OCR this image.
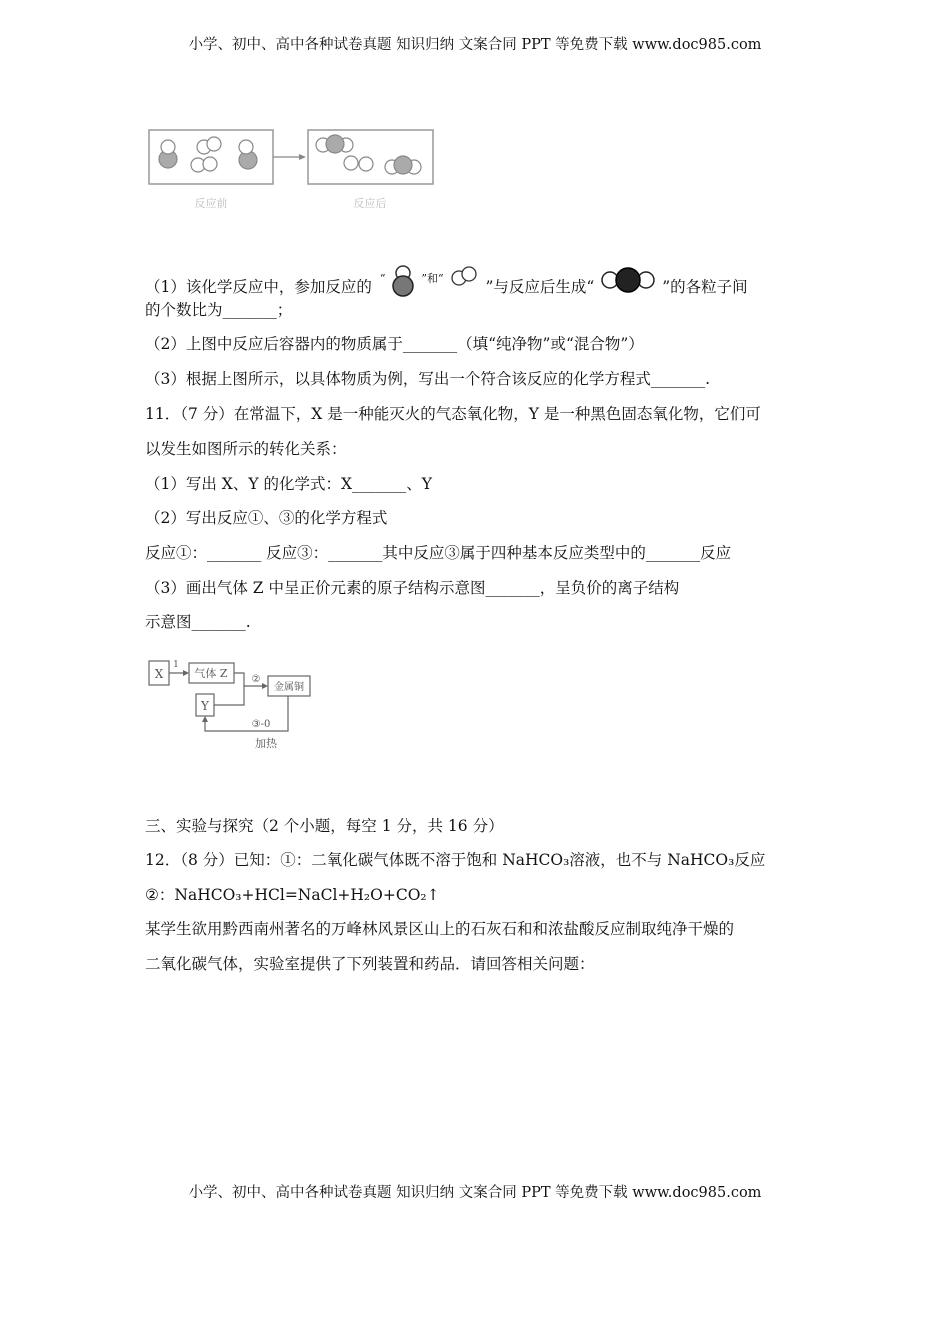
小学、初中、高中各种试卷真题 知识归纳 文案合同 PPT 等免费下载 www.doc985.com
反应前	反应后
（1）该化学反应中，参加反应的 “	$^{”和“}$	”与反应后生成“	”的各粒子间
的个数比为_______；
（2）上图中反应后容器内的物质属于_______（填“纯净物”或“混合物”）
（3）根据上图所示，以具体物质为例，写出一个符合该反应的化学方程式_______.
11．（7 分）在常温下，X 是一种能灭火的气态氧化物，Y 是一种黑色固态氧化物，它们可
以发生如图所示的转化关系：
（1）写出 X、Y 的化学式：X_______、Y
（2）写出反应①、③的化学方程式
反应①：_______ 反应③：_______其中反应③属于四种基本反应类型中的_______反应
（3）画出气体 Z 中呈正价元素的原子结构示意图_______，呈负价的离子结构
示意图_______.
X
1
气体 Z ②
金属铜
Y
③-0
加热
三、实验与探究（2 个小题，每空 1 分，共 16 分）
12．（8 分）已知：①：二氧化碳气体既不溶于饱和 NaHCO₃溶液，也不与 NaHCO₃反应
②：NaHCO₃+HCl=NaCl+H₂O+CO₂↑
某学生欲用黔西南州著名的万峰林风景区山上的石灰石和和浓盐酸反应制取纯净干燥的
二氧化碳气体，实验室提供了下列装置和药品．请回答相关问题：
小学、初中、高中各种试卷真题 知识归纳 文案合同 PPT 等免费下载 www.doc985.com
